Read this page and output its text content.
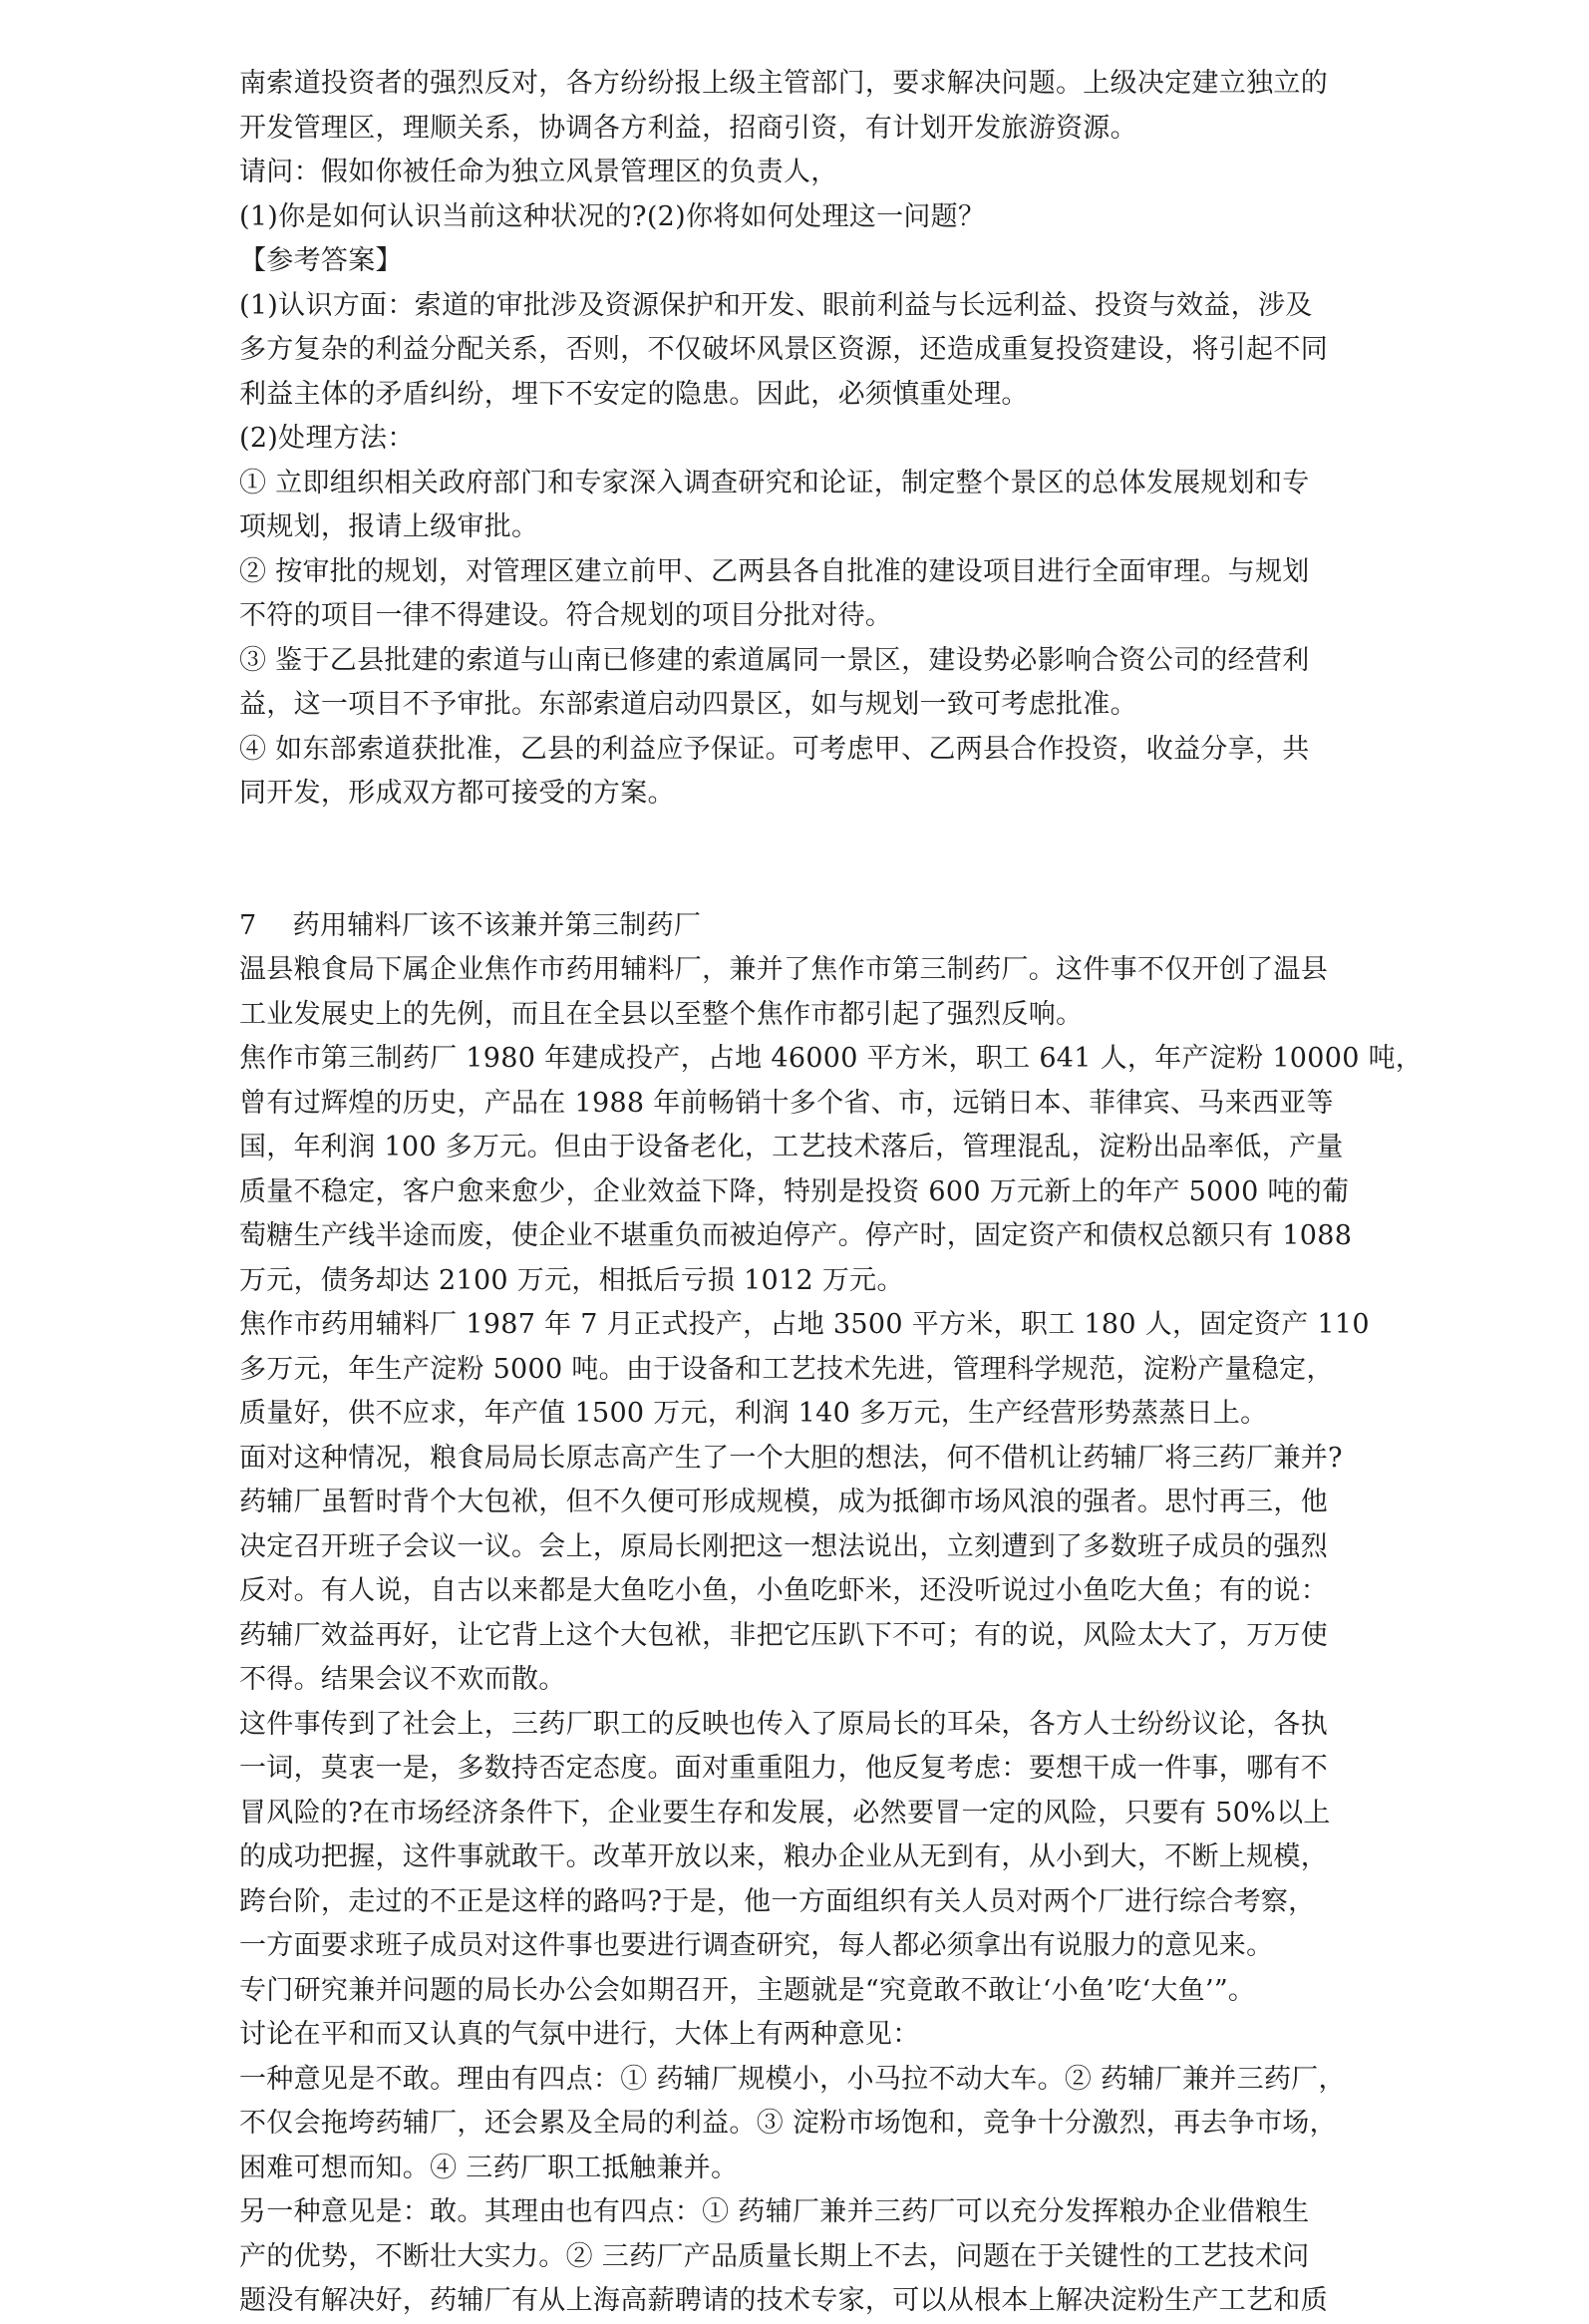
南索道投资者的强烈反对，各方纷纷报上级主管部门，要求解决问题。上级决定建立独立的
开发管理区，理顺关系，协调各方利益，招商引资，有计划开发旅游资源。
请问：假如你被任命为独立风景管理区的负责人，
(1)你是如何认识当前这种状况的?(2)你将如何处理这一问题？
【参考答案】
(1)认识方面：索道的审批涉及资源保护和开发、眼前利益与长远利益、投资与效益，涉及
多方复杂的利益分配关系，否则，不仅破坏风景区资源，还造成重复投资建设，将引起不同
利益主体的矛盾纠纷，埋下不安定的隐患。因此，必须慎重处理。
(2)处理方法：
① 立即组织相关政府部门和专家深入调查研究和论证，制定整个景区的总体发展规划和专
项规划，报请上级审批。
② 按审批的规划，对管理区建立前甲、乙两县各自批准的建设项目进行全面审理。与规划
不符的项目一律不得建设。符合规划的项目分批对待。
③ 鉴于乙县批建的索道与山南已修建的索道属同一景区，建设势必影响合资公司的经营利
益，这一项目不予审批。东部索道启动四景区，如与规划一致可考虑批准。
④ 如东部索道获批准，乙县的利益应予保证。可考虑甲、乙两县合作投资，收益分享，共
同开发，形成双方都可接受的方案。
7　 药用辅料厂该不该兼并第三制药厂
温县粮食局下属企业焦作市药用辅料厂，兼并了焦作市第三制药厂。这件事不仅开创了温县
工业发展史上的先例，而且在全县以至整个焦作市都引起了强烈反响。
焦作市第三制药厂 1980 年建成投产，占地 46000 平方米，职工 641 人，年产淀粉 10000 吨，
曾有过辉煌的历史，产品在 1988 年前畅销十多个省、市，远销日本、菲律宾、马来西亚等
国，年利润 100 多万元。但由于设备老化，工艺技术落后，管理混乱，淀粉出品率低，产量
质量不稳定，客户愈来愈少，企业效益下降，特别是投资 600 万元新上的年产 5000 吨的葡
萄糖生产线半途而废，使企业不堪重负而被迫停产。停产时，固定资产和债权总额只有 1088
万元，债务却达 2100 万元，相抵后亏损 1012 万元。
焦作市药用辅料厂 1987 年 7 月正式投产，占地 3500 平方米，职工 180 人，固定资产 110
多万元，年生产淀粉 5000 吨。由于设备和工艺技术先进，管理科学规范，淀粉产量稳定，
质量好，供不应求，年产值 1500 万元，利润 140 多万元，生产经营形势蒸蒸日上。
面对这种情况，粮食局局长原志高产生了一个大胆的想法，何不借机让药辅厂将三药厂兼并?
药辅厂虽暂时背个大包袱，但不久便可形成规模，成为抵御市场风浪的强者。思忖再三，他
决定召开班子会议一议。会上，原局长刚把这一想法说出，立刻遭到了多数班子成员的强烈
反对。有人说，自古以来都是大鱼吃小鱼，小鱼吃虾米，还没听说过小鱼吃大鱼；有的说：
药辅厂效益再好，让它背上这个大包袱，非把它压趴下不可；有的说，风险太大了，万万使
不得。结果会议不欢而散。
这件事传到了社会上，三药厂职工的反映也传入了原局长的耳朵，各方人士纷纷议论，各执
一词，莫衷一是，多数持否定态度。面对重重阻力，他反复考虑：要想干成一件事，哪有不
冒风险的?在市场经济条件下，企业要生存和发展，必然要冒一定的风险，只要有 50%以上
的成功把握，这件事就敢干。改革开放以来，粮办企业从无到有，从小到大，不断上规模，
跨台阶，走过的不正是这样的路吗?于是，他一方面组织有关人员对两个厂进行综合考察，
一方面要求班子成员对这件事也要进行调查研究，每人都必须拿出有说服力的意见来。
专门研究兼并问题的局长办公会如期召开，主题就是“究竟敢不敢让‘小鱼’吃‘大鱼’”。
讨论在平和而又认真的气氛中进行，大体上有两种意见：
一种意见是不敢。理由有四点：① 药辅厂规模小，小马拉不动大车。② 药辅厂兼并三药厂，
不仅会拖垮药辅厂，还会累及全局的利益。③ 淀粉市场饱和，竞争十分激烈，再去争市场，
困难可想而知。④ 三药厂职工抵触兼并。
另一种意见是：敢。其理由也有四点：① 药辅厂兼并三药厂可以充分发挥粮办企业借粮生
产的优势，不断壮大实力。② 三药厂产品质量长期上不去，问题在于关键性的工艺技术问
题没有解决好，药辅厂有从上海高薪聘请的技术专家，可以从根本上解决淀粉生产工艺和质
